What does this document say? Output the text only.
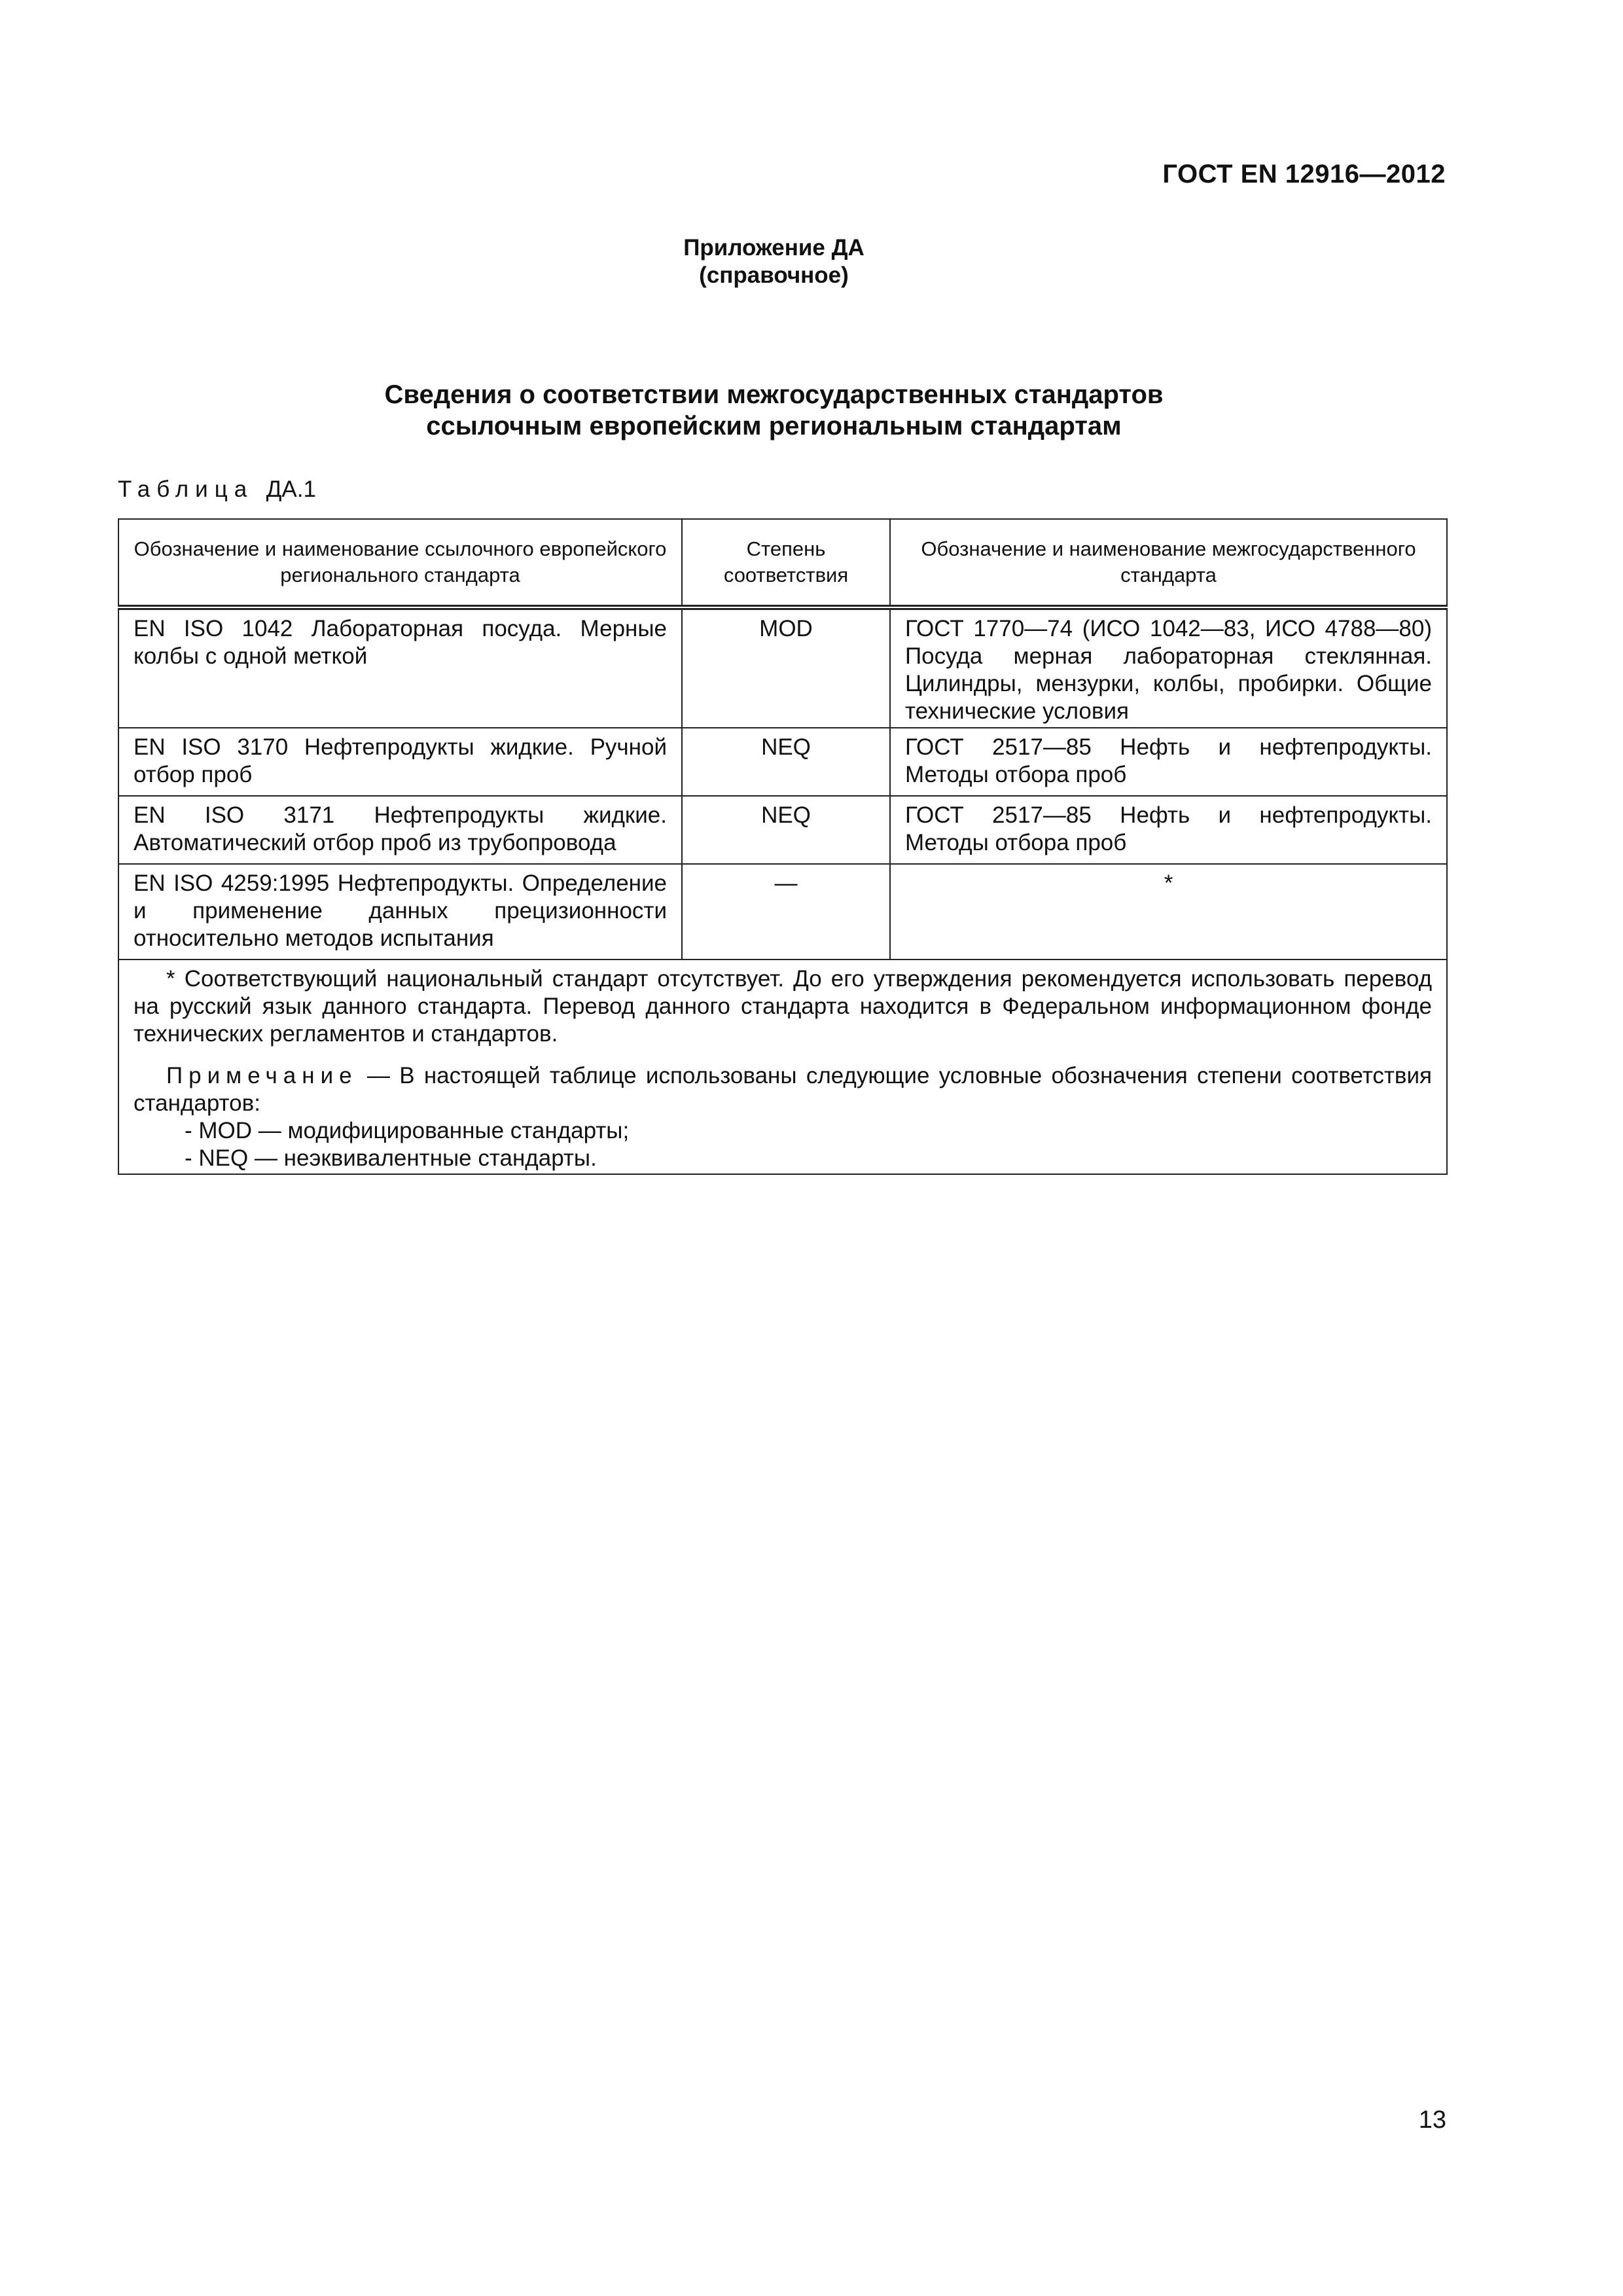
ГОСТ EN 12916—2012
Приложение ДА
(справочное)
Сведения о соответствии межгосударственных стандартов
ссылочным европейским региональным стандартам
Таблица ДА.1
Обозначение и наименование ссылочного европейского регионального стандарта	Степень соответствия	Обозначение и наименование межгосударственного стандарта
EN ISO 1042 Лабораторная посуда. Мерные колбы с одной меткой	MOD	ГОСТ 1770—74 (ИСО 1042—83, ИСО 4788—80) Посуда мерная лабораторная стеклянная. Цилиндры, мензурки, колбы, пробирки. Общие технические условия
EN ISO 3170 Нефтепродукты жидкие. Ручной отбор проб	NEQ	ГОСТ 2517—85 Нефть и нефтепродукты. Методы отбора проб
EN ISO 3171 Нефтепродукты жидкие. Автоматический отбор проб из трубопровода	NEQ	ГОСТ 2517—85 Нефть и нефтепродукты. Методы отбора проб
EN ISO 4259:1995 Нефтепродукты. Определение и применение данных прецизионности относительно методов испытания	—	*

* Соответствующий национальный стандарт отсутствует. До его утверждения рекомендуется использовать перевод на русский язык данного стандарта. Перевод данного стандарта находится в Федеральном информационном фонде технических регламентов и стандартов.

Примечание — В настоящей таблице использованы следующие условные обозначения степени соответствия стандартов:

- MOD — модифицированные стандарты;

- NEQ — неэквивалентные стандарты.		

13
